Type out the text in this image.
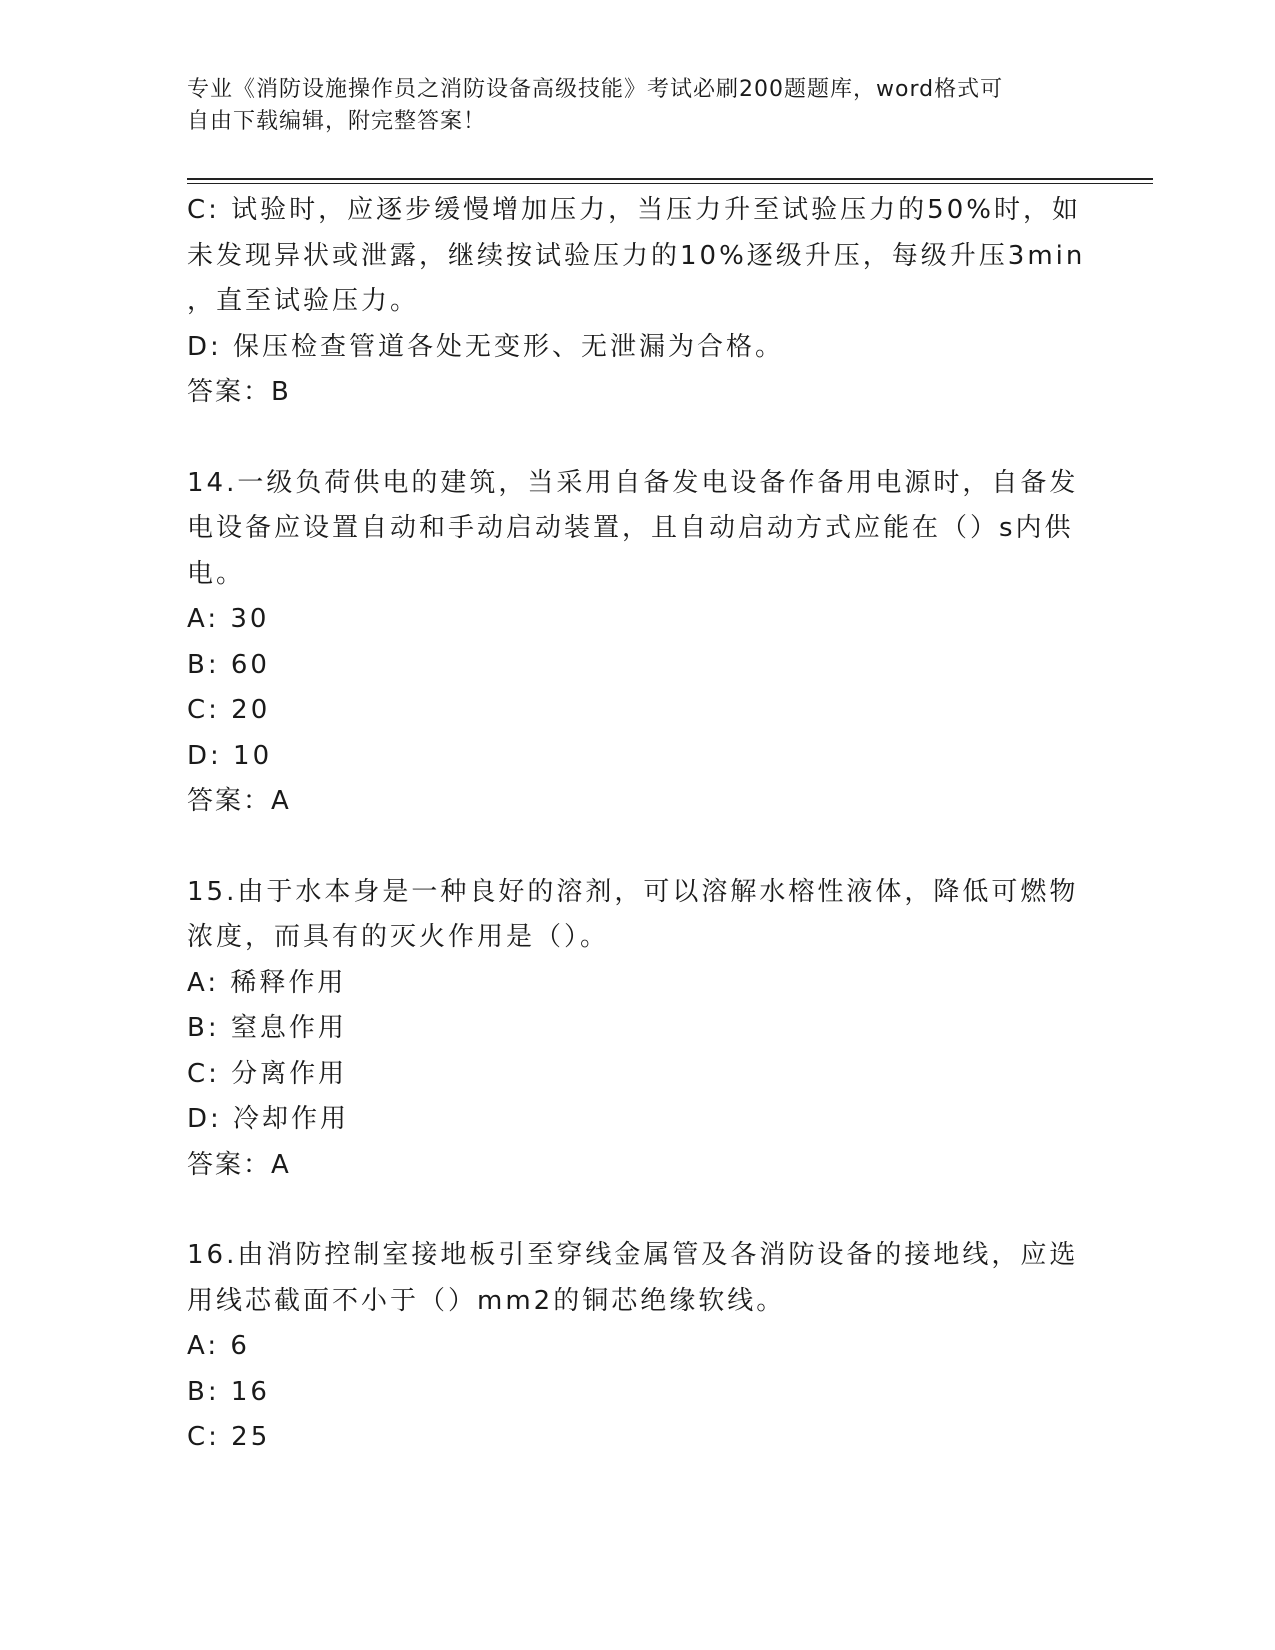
专业《消防设施操作员之消防设备高级技能》考试必刷200题题库，word格式可
自由下载编辑，附完整答案！

C: 试验时，应逐步缓慢增加压力，当压力升至试验压力的50%时，如

未发现异状或泄露，继续按试验压力的10%逐级升压，每级升压3min

，直至试验压力。

D: 保压检查管道各处无变形、无泄漏为合格。

答案：B

14.一级负荷供电的建筑，当采用自备发电设备作备用电源时，自备发

电设备应设置自动和手动启动装置，且自动启动方式应能在（）s内供

电。

A: 30

B: 60

C: 20

D: 10

答案：A

15.由于水本身是一种良好的溶剂，可以溶解水榕性液体，降低可燃物

浓度，而具有的灭火作用是（）。

A: 稀释作用

B: 窒息作用

C: 分离作用

D: 冷却作用

答案：A

16.由消防控制室接地板引至穿线金属管及各消防设备的接地线，应选

用线芯截面不小于（）mm2的铜芯绝缘软线。

A: 6

B: 16

C: 25
